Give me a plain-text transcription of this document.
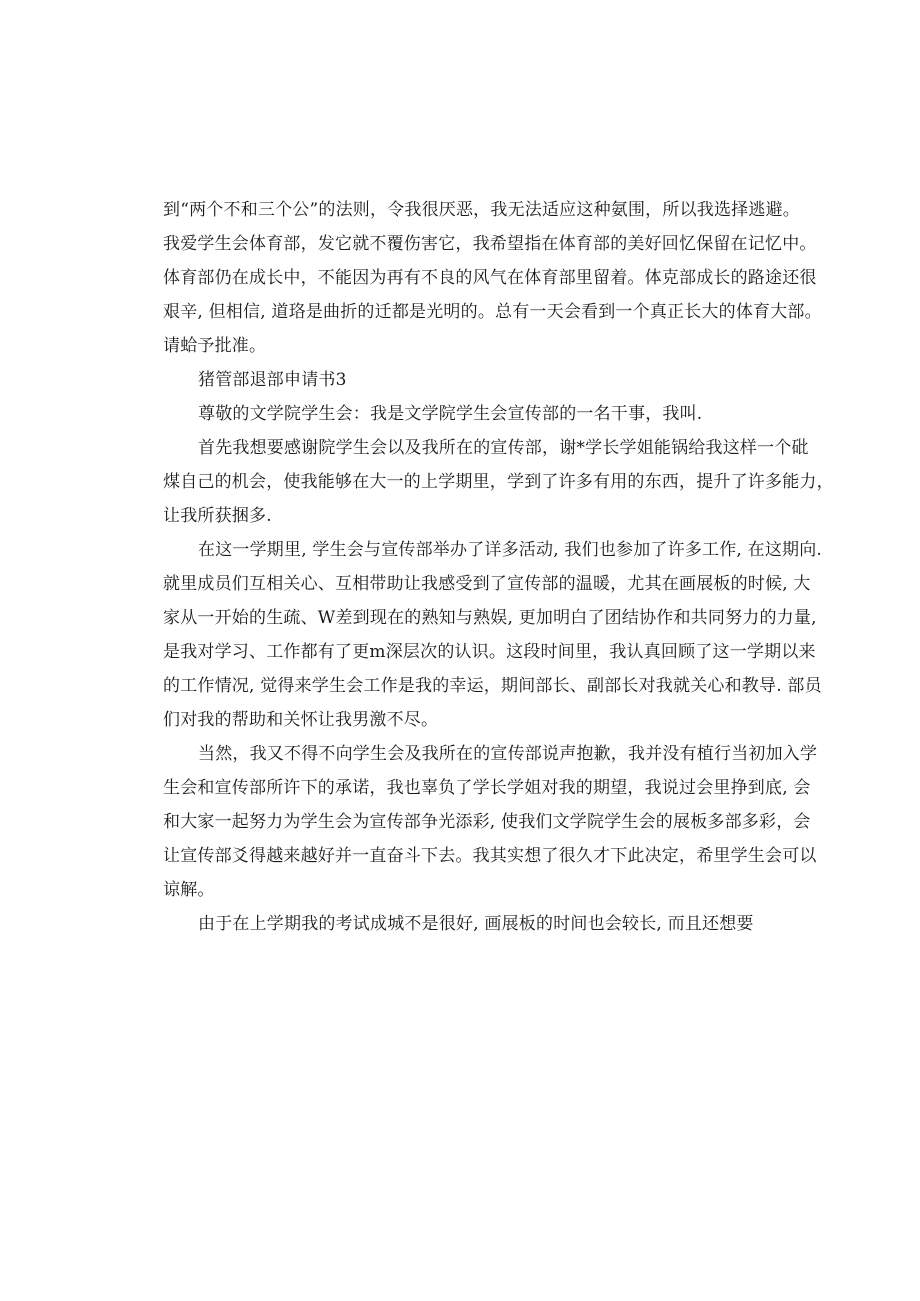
到“两个不和三个公”的法则，令我很厌恶，我无法适应这种氨围，所以我选择逃避。
我爱学生会体育部，发它就不覆伤害它，我希望指在体育部的美好回忆保留在记忆中。
体育部仍在成长中，不能因为再有不良的风气在体育部里留着。体克部成长的路途还很
艰辛, 但相信, 道珞是曲折的迁都是光明的。总有一天会看到一个真正长大的体育大部。
请蛤予批准。
猪管部退部申请书3
尊敬的文学院学生会：我是文学院学生会宣传部的一名干事，我叫.
首先我想要感谢院学生会以及我所在的宣传部，谢*学长学姐能锅给我这样一个砒
煤自己的机会，使我能够在大一的上学期里，学到了许多有用的东西，提升了许多能力，
让我所获捆多.
在这一学期里, 学生会与宣传部举办了详多活动, 我们也参加了许多工作, 在这期向.
就里成员们互相关心、互相带助让我感受到了宣传部的温暖，尤其在画展板的时候, 大
家从一开始的生疏、W差到现在的熟知与熟娱, 更加明白了团结协作和共同努力的力量,
是我对学习、工作都有了更m深层次的认识。这段时间里，我认真回顾了这一学期以来
的工作情况, 觉得来学生会工作是我的幸运，期间部长、副部长对我就关心和教导. 部员
们对我的帮助和关怀让我男激不尽。
当然，我又不得不向学生会及我所在的宣传部说声抱歉，我并没有植行当初加入学
生会和宣传部所许下的承诺，我也辜负了学长学姐对我的期望，我说过会里挣到底, 会
和大家一起努力为学生会为宣传部争光添彩, 使我们文学院学生会的展板多部多彩，会
让宣传部爻得越来越好并一直奋斗下去。我其实想了很久才下此决定，希里学生会可以
谅解。
由于在上学期我的考试成城不是很好, 画展板的时间也会较长, 而且还想要
